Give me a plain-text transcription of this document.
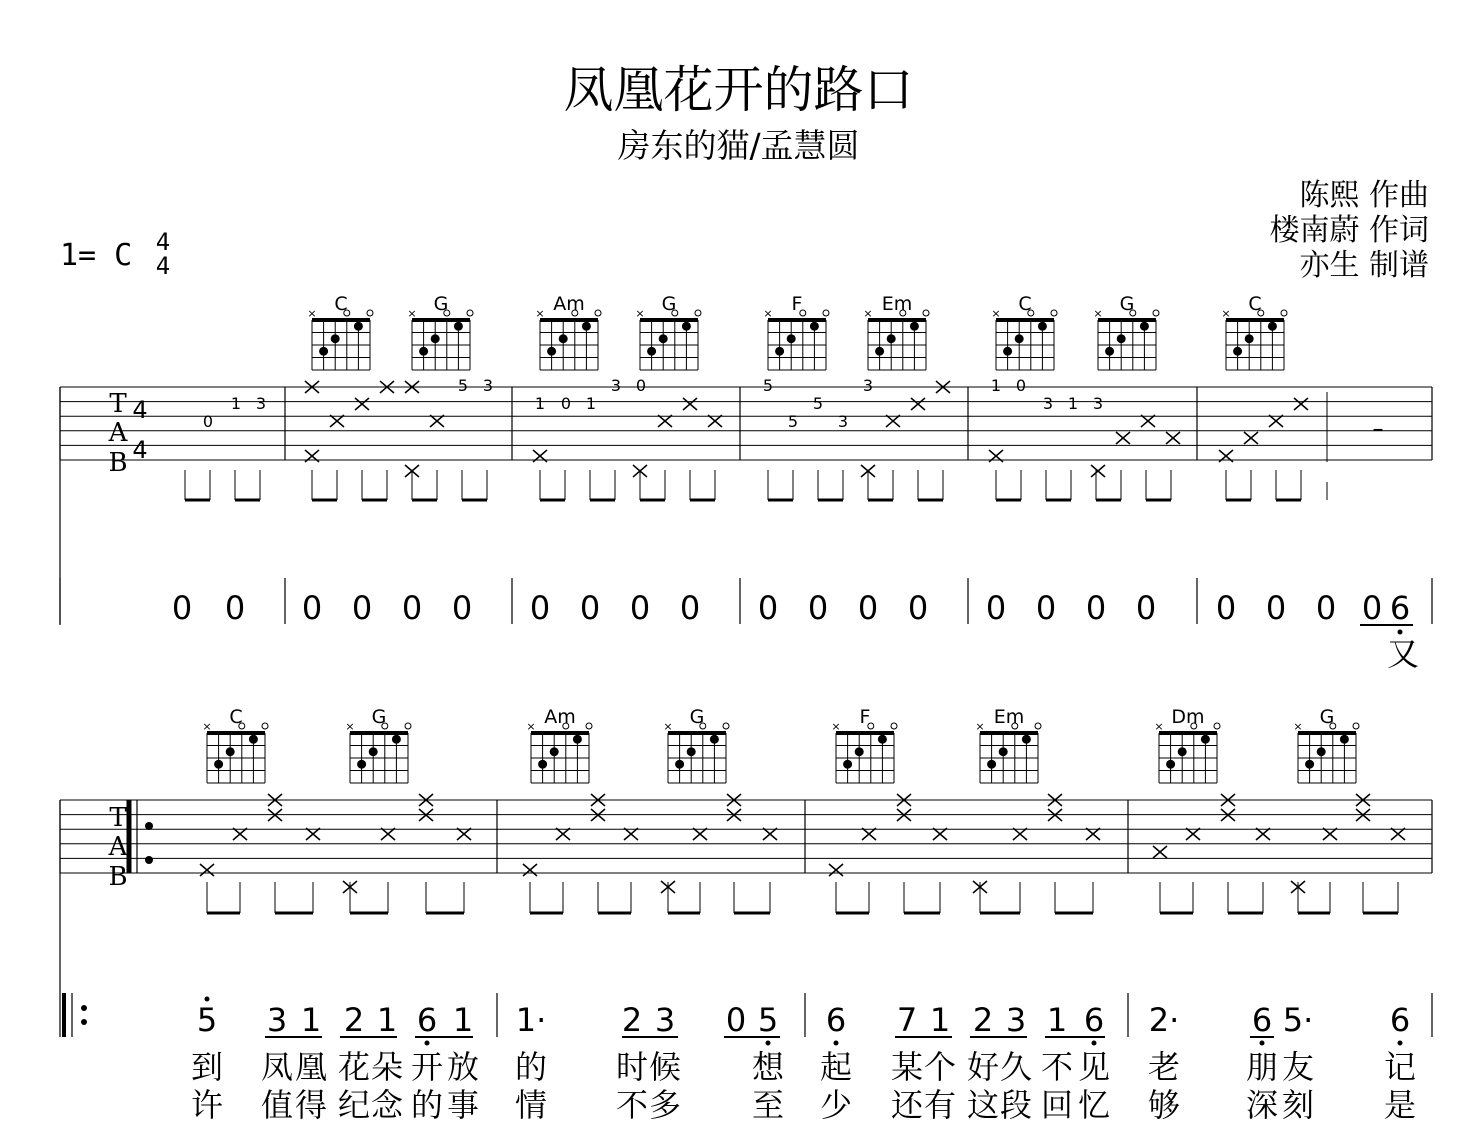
凤凰花开的路口
房东的猫/孟慧圆
陈熙 作曲
楼南蔚 作词
亦生 制谱
1= C 4
4
T
A
B
4
4
C
×	G
×	Am
×	G
×	F
×	Em
×	C
×	G
×	C
×
0
1 3
5 3
1 0 1
3 0	5
5
5
3
3	1 0
3 1 3
–
0 0 0 0 0 0 0 0 0 0 0 0 0 0 0 0 0 0 0 0 0 0 6
又
T
A
B
C
×	G
×	Am
×	G
×	F
×	Em
×	Dm
×	G
×
5 3 1 2 1 6 1 1· 2 3 0 5 6 7 1 2 3 1 6 2· 6 5· 6
到 凤 凰 花 朵 开 放 的 时 候 想 起 某 个 好 久 不 见 老 朋 友 记
许 值 得 纪 念 的 事 情 不 多 至 少 还 有 这 段 回 忆 够 深 刻 是
